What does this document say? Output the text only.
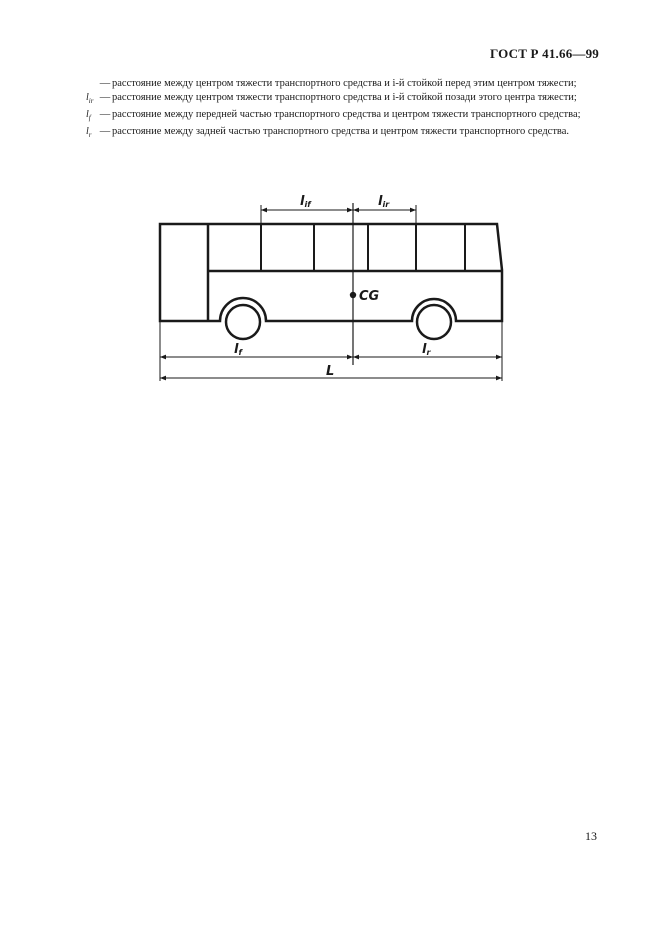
ГОСТ Р 41.66—99
— расстояние между центром тяжести транспортного средства и i-й стойкой перед этим центром тяжести;
$l_{ir}$ — расстояние между центром тяжести транспортного средства и i-й стойкой позади этого центра тяжести;
$l_f$ — расстояние между передней частью транспортного средства и центром тяжести транспортного средства;
$l_r$ — расстояние между задней частью транспортного средства и центром тяжести транспортного средства.
lif	lir
CG
lf	lr
L
13
